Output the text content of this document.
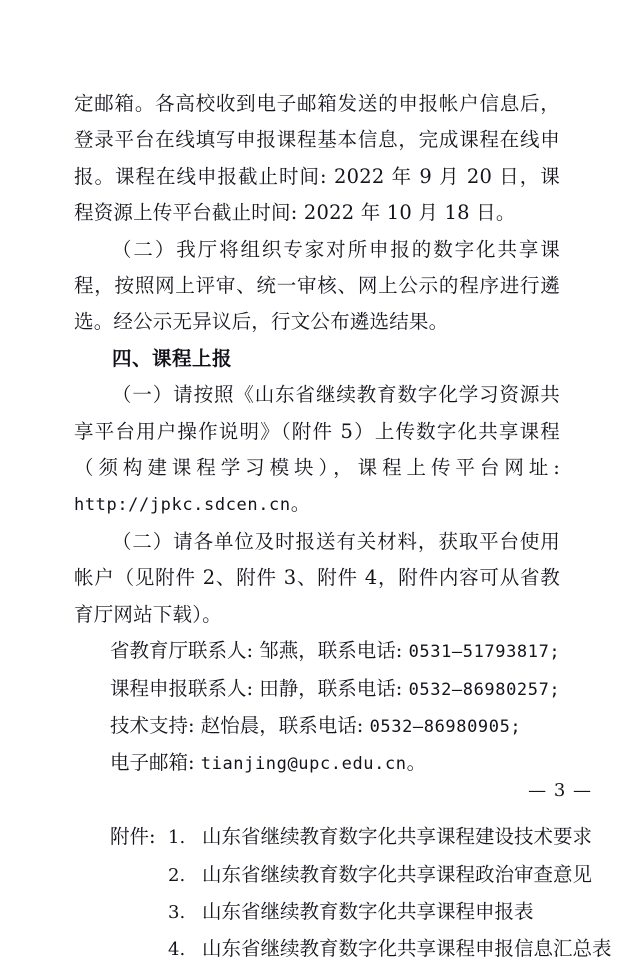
定邮箱。各高校收到电子邮箱发送的申报帐户信息后，登录平台在线填写申报课程基本信息，完成课程在线申报。课程在线申报截止时间: 2022 年 9 月 20 日，课程资源上传平台截止时间: 2022 年 10 月 18 日。

（二）我厅将组织专家对所申报的数字化共享课程，按照网上评审、统一审核、网上公示的程序进行遴选。经公示无异议后，行文公布遴选结果。

四、课程上报

（一）请按照《山东省继续教育数字化学习资源共享平台用户操作说明》（附件 5）上传数字化共享课程（须构建课程学习模块），课程上传平台网址: http://jpkc.sdcen.cn。

（二）请各单位及时报送有关材料，获取平台使用帐户（见附件 2、附件 3、附件 4，附件内容可从省教育厅网站下载）。

省教育厅联系人: 邹燕，联系电话: 0531—51793817;

课程申报联系人: 田静，联系电话: 0532—86980257;

技术支持: 赵怡晨，联系电话: 0532—86980905;

电子邮箱: tianjing@upc.edu.cn。

附件: 1. 山东省继续教育数字化共享课程建设技术要求
2. 山东省继续教育数字化共享课程政治审查意见
3. 山东省继续教育数字化共享课程申报表
4. 山东省继续教育数字化共享课程申报信息汇总表
— 3 —
